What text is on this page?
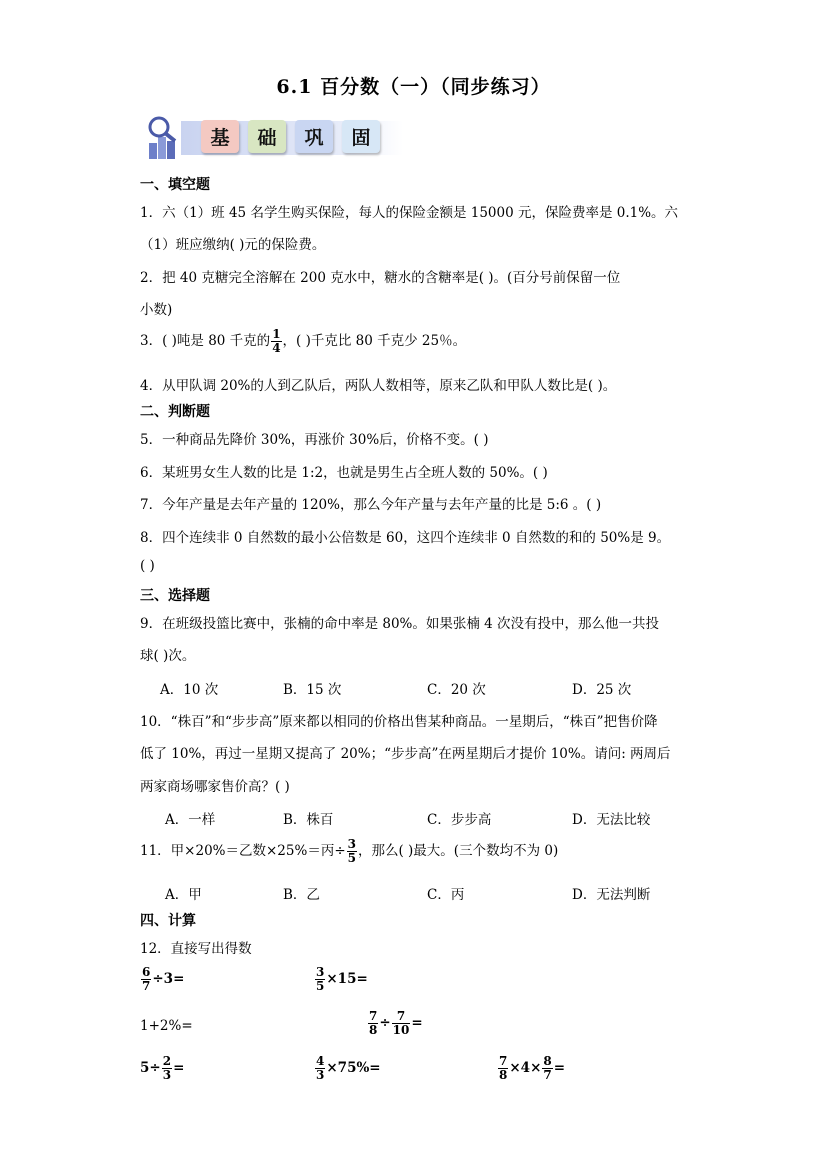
6.1 百分数（一）（同步练习）
基	础	巩	固
一、填空题
1．六（1）班 45 名学生购买保险，每人的保险金额是 15000 元，保险费率是 0.1%。六
（1）班应缴纳( )元的保险费。
2．把 40 克糖完全溶解在 200 克水中，糖水的含糖率是( )。(百分号前保留一位
小数)
3．( )吨是 80 千克的 $\frac{1}{4}$ ，( )千克比 80 千克少 25％。
4．从甲队调 20%的人到乙队后，两队人数相等，原来乙队和甲队人数比是( )。
二、判断题
5．一种商品先降价 30%，再涨价 30%后，价格不变。( )
6．某班男女生人数的比是 1:2，也就是男生占全班人数的 50%。( )
7．今年产量是去年产量的 120%，那么今年产量与去年产量的比是 5:6 。( )
8．四个连续非 0 自然数的最小公倍数是 60，这四个连续非 0 自然数的和的 50%是 9。
( )
三、选择题
9．在班级投篮比赛中，张楠的命中率是 80%。如果张楠 4 次没有投中，那么他一共投
球( )次。
A．10 次	B．15 次	C．20 次	D．25 次
10．“株百”和“步步高”原来都以相同的价格出售某种商品。一星期后，“株百”把售价降
低了 10%，再过一星期又提高了 20%；“步步高”在两星期后才提价 10%。请问: 两周后
两家商场哪家售价高？( )
A．一样	B．株百	C．步步高	D．无法比较
11．甲×20%＝乙数×25%＝丙÷ $\frac{3}{5}$ ，那么( )最大。(三个数均不为 0)
A．甲	B．乙	C．丙	D．无法判断
四、计算
12．直接写出得数
$\frac{6}{7} \div 3=$	$\frac{3}{5} \times 15=$
1+2%=	$\frac{7}{8} \div \frac{7}{10}$ =
$5\div \frac{2}{3}$ =	$\frac{4}{3} \times 75\%=$	$\frac{7}{8} \times 4\times \frac{8}{7}$ =
